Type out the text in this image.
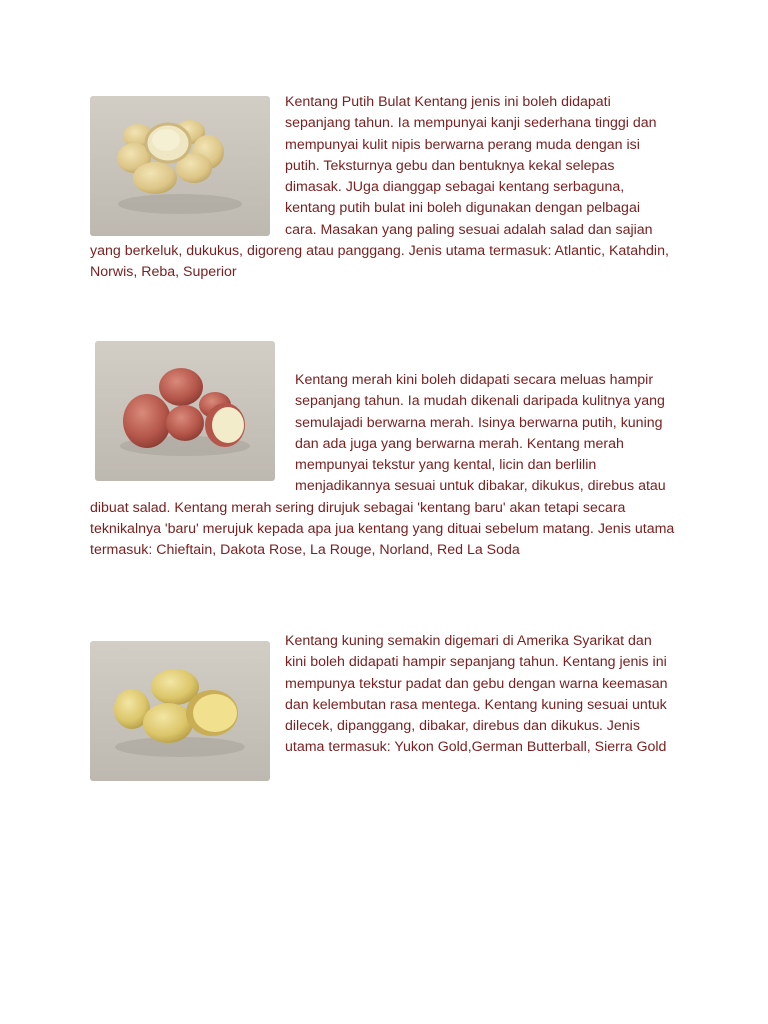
Kentang Putih Bulat Kentang jenis ini boleh didapati sepanjang tahun. Ia mempunyai kanji sederhana tinggi dan mempunyai kulit nipis berwarna perang muda dengan isi putih. Teksturnya gebu dan bentuknya kekal selepas dimasak. JUga dianggap sebagai kentang serbaguna, kentang putih bulat ini boleh digunakan dengan pelbagai cara. Masakan yang paling sesuai adalah salad dan sajian yang berkeluk, dukukus, digoreng atau panggang. Jenis utama termasuk: Atlantic, Katahdin, Norwis, Reba, Superior

Kentang merah kini boleh didapati secara meluas hampir sepanjang tahun. Ia mudah dikenali daripada kulitnya yang semulajadi berwarna merah. Isinya berwarna putih, kuning dan ada juga yang berwarna merah. Kentang merah mempunyai tekstur yang kental, licin dan berlilin menjadikannya sesuai untuk dibakar, dikukus, direbus atau dibuat salad. Kentang merah sering dirujuk sebagai 'kentang baru' akan tetapi secara teknikalnya 'baru' merujuk kepada apa jua kentang yang dituai sebelum matang. Jenis utama termasuk: Chieftain, Dakota Rose, La Rouge, Norland, Red La Soda

Kentang kuning semakin digemari di Amerika Syarikat dan kini boleh didapati hampir sepanjang tahun. Kentang jenis ini mempunya tekstur padat dan gebu dengan warna keemasan dan kelembutan rasa mentega. Kentang kuning sesuai untuk dilecek, dipanggang, dibakar, direbus dan dikukus. Jenis utama termasuk: Yukon Gold,German Butterball, Sierra Gold
